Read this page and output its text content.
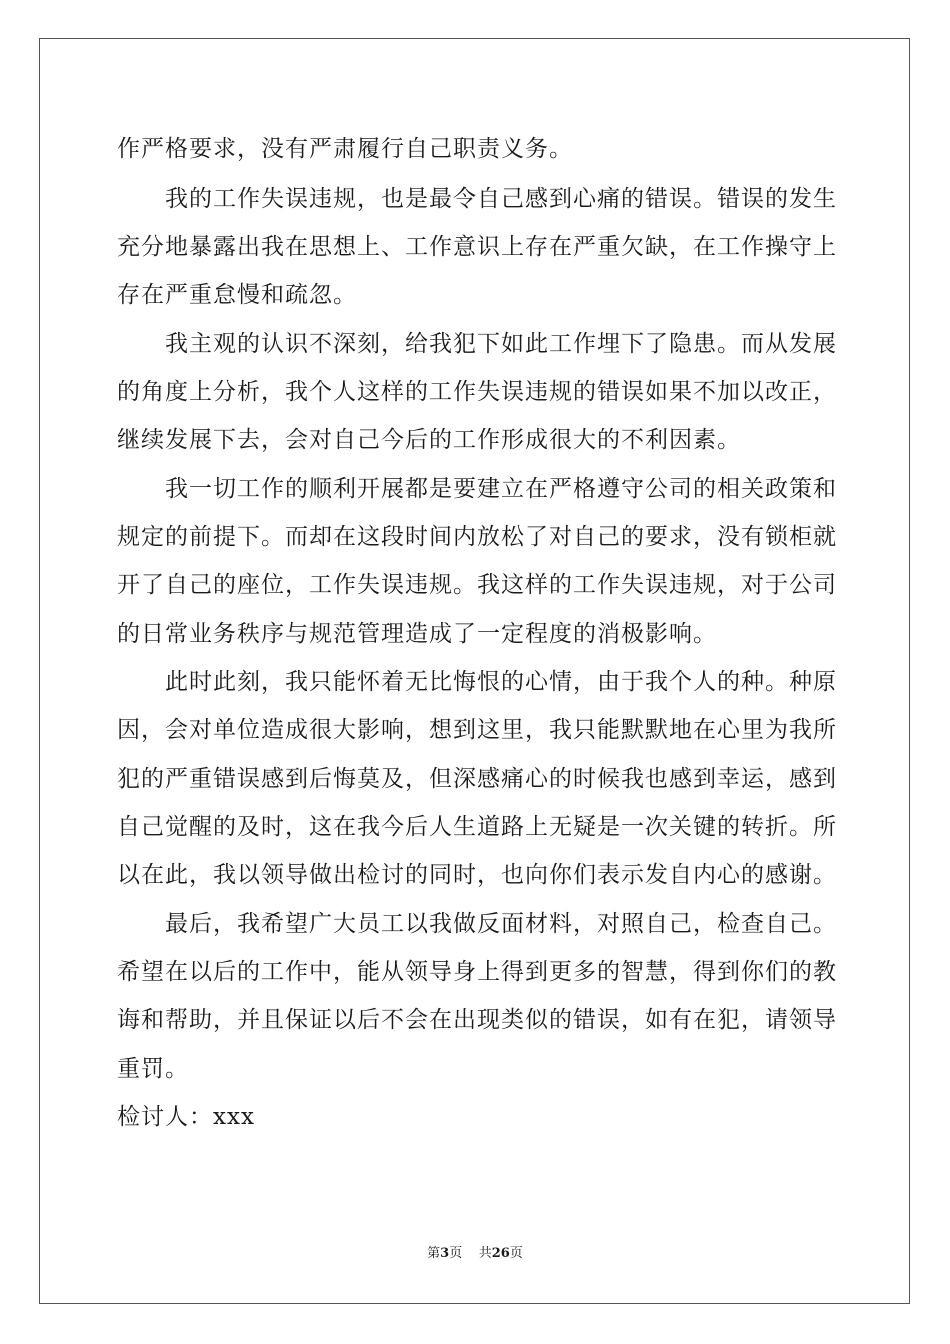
作严格要求，没有严肃履行自己职责义务。
我的工作失误违规，也是最令自己感到心痛的错误。错误的发生
充分地暴露出我在思想上、工作意识上存在严重欠缺，在工作操守上
存在严重怠慢和疏忽。
我主观的认识不深刻，给我犯下如此工作埋下了隐患。而从发展
的角度上分析，我个人这样的工作失误违规的错误如果不加以改正，
继续发展下去，会对自己今后的工作形成很大的不利因素。
我一切工作的顺利开展都是要建立在严格遵守公司的相关政策和
规定的前提下。而却在这段时间内放松了对自己的要求，没有锁柜就
开了自己的座位，工作失误违规。我这样的工作失误违规，对于公司
的日常业务秩序与规范管理造成了一定程度的消极影响。
此时此刻，我只能怀着无比悔恨的心情，由于我个人的种。种原
因，会对单位造成很大影响，想到这里，我只能默默地在心里为我所
犯的严重错误感到后悔莫及，但深感痛心的时候我也感到幸运，感到
自己觉醒的及时，这在我今后人生道路上无疑是一次关键的转折。所
以在此，我以领导做出检讨的同时，也向你们表示发自内心的感谢。
最后，我希望广大员工以我做反面材料，对照自己，检查自己。
希望在以后的工作中，能从领导身上得到更多的智慧，得到你们的教
诲和帮助，并且保证以后不会在出现类似的错误，如有在犯，请领导
重罚。
检讨人：xxx
第3页 共26页
